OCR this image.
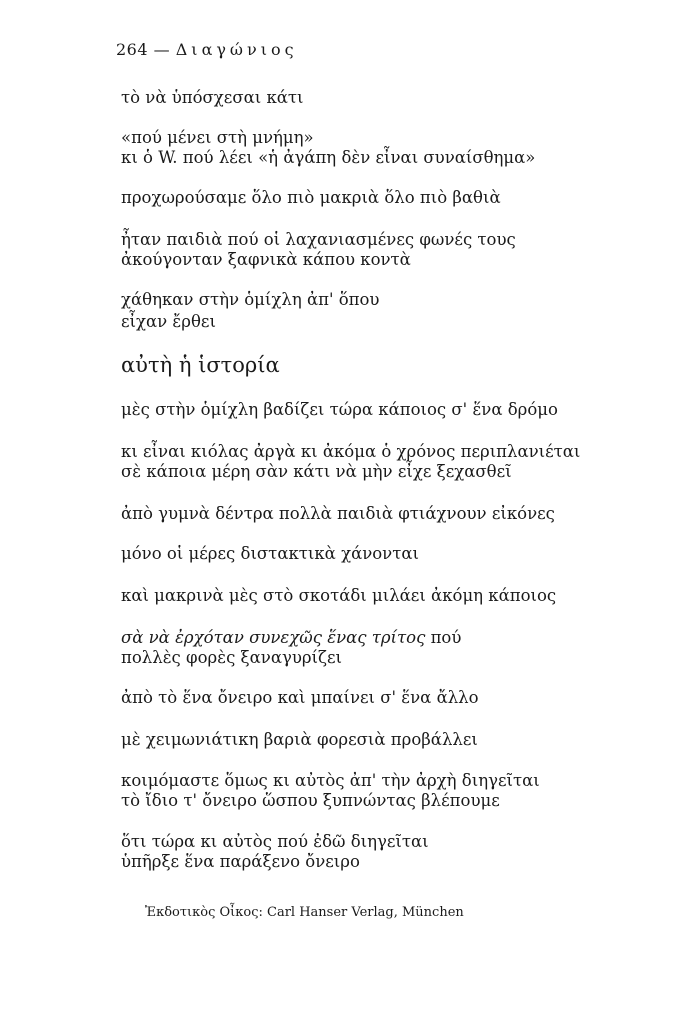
264 — Διαγώνιος
τὸ νὰ ὑπόσχεσαι κάτι
«πού μένει στὴ μνήμη»
κι ὁ W. πού λέει «ἡ ἀγάπη δὲν εἶναι συναίσθημα»
προχωρούσαμε ὅλο πιὸ μακριὰ ὅλο πιὸ βαθιὰ
ἦταν παιδιὰ πού οἱ λαχανιασμένες φωνές τους
ἀκούγονταν ξαφνικὰ κάπου κοντὰ
χάθηκαν στὴν ὁμίχλη ἀπ' ὅπου
εἶχαν ἔρθει
αὐτὴ ἡ ἱστορία
μὲς στὴν ὁμίχλη βαδίζει τώρα κάποιος σ' ἕνα δρόμο
κι εἶναι κιόλας ἀργὰ κι ἀκόμα ὁ χρόνος περιπλανιέται
σὲ κάποια μέρη σὰν κάτι νὰ μὴν εἶχε ξεχασθεῖ
ἀπὸ γυμνὰ δέντρα πολλὰ παιδιὰ φτιάχνουν εἰκόνες
μόνο οἱ μέρες διστακτικὰ χάνονται
καὶ μακρινὰ μὲς στὸ σκοτάδι μιλάει ἀκόμη κάποιος
σὰ νὰ ἐρχόταν συνεχῶς ἕνας τρίτος πού
πολλὲς φορὲς ξαναγυρίζει
ἀπὸ τὸ ἕνα ὄνειρο καὶ μπαίνει σ' ἕνα ἄλλο
μὲ χειμωνιάτικη βαριὰ φορεσιὰ προβάλλει
κοιμόμαστε ὅμως κι αὐτὸς ἀπ' τὴν ἀρχὴ διηγεῖται
τὸ ἴδιο τ' ὄνειρο ὥσπου ξυπνώντας βλέπουμε
ὅτι τώρα κι αὐτὸς πού ἐδῶ διηγεῖται
ὑπῆρξε ἕνα παράξενο ὄνειρο
Ἐκδοτικὸς Οἶκος: Carl Hanser Verlag, München
